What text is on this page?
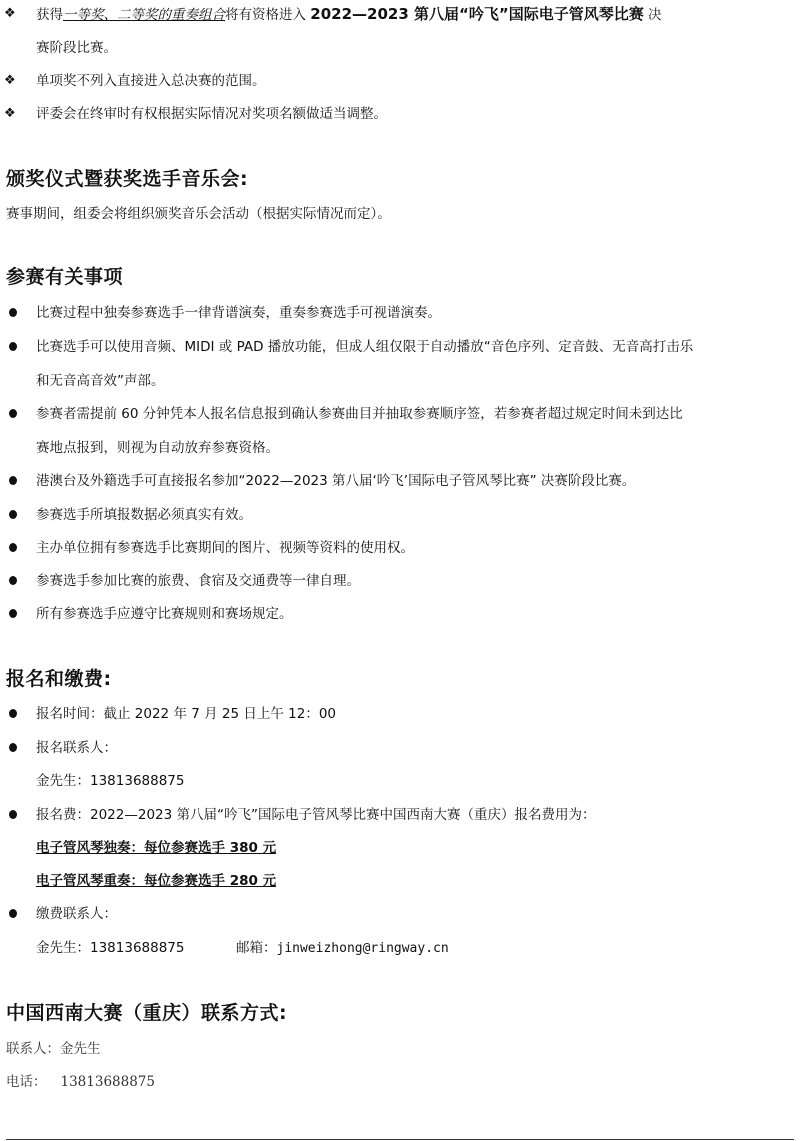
❖ 获得一等奖、二等奖的重奏组合将有资格进入 2022—2023 第八届“吟飞”国际电子管风琴比赛 决
赛阶段比赛。
❖ 单项奖不列入直接进入总决赛的范围。
❖ 评委会在终审时有权根据实际情况对奖项名额做适当调整。
颁奖仪式暨获奖选手音乐会:
赛事期间，组委会将组织颁奖音乐会活动（根据实际情况而定）。
参赛有关事项
比赛过程中独奏参赛选手一律背谱演奏，重奏参赛选手可视谱演奏。
比赛选手可以使用音频、MIDI 或 PAD 播放功能，但成人组仅限于自动播放“音色序列、定音鼓、无音高打击乐
和无音高音效”声部。
参赛者需提前 60 分钟凭本人报名信息报到确认参赛曲目并抽取参赛顺序签，若参赛者超过规定时间未到达比
赛地点报到，则视为自动放弃参赛资格。
港澳台及外籍选手可直接报名参加“2022—2023 第八届‘吟飞’国际电子管风琴比赛” 决赛阶段比赛。
参赛选手所填报数据必须真实有效。
主办单位拥有参赛选手比赛期间的图片、视频等资料的使用权。
参赛选手参加比赛的旅费、食宿及交通费等一律自理。
所有参赛选手应遵守比赛规则和赛场规定。
报名和缴费:
报名时间：截止 2022 年 7 月 25 日上午 12：00
报名联系人：
金先生：13813688875
报名费：2022—2023 第八届“吟飞”国际电子管风琴比赛中国西南大赛（重庆）报名费用为：
电子管风琴独奏：每位参赛选手 380 元
电子管风琴重奏：每位参赛选手 280 元
缴费联系人：
金先生：13813688875	邮箱：jinweizhong@ringway.cn
中国西南大赛（重庆）联系方式:
联系人：金先生
电话： 13813688875
